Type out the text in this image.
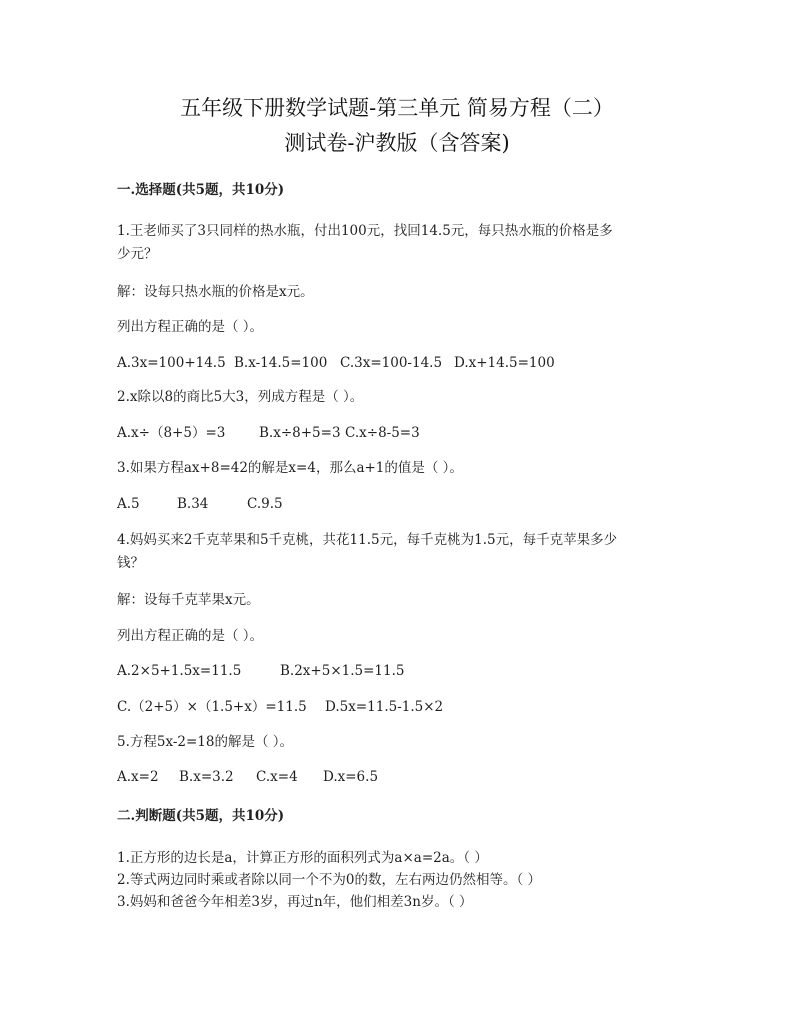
五年级下册数学试题-第三单元 简易方程（二）
测试卷-沪教版（含答案)
一.选择题(共5题，共10分)
1.王老师买了3只同样的热水瓶，付出100元，找回14.5元，每只热水瓶的价格是多
少元？
解：设每只热水瓶的价格是x元。
列出方程正确的是（ ）。
A.3x=100+14.5 B.x-14.5=100 C.3x=100-14.5 D.x+14.5=100
2.x除以8的商比5大3，列成方程是（ ）。
A.x÷（8+5）=3 B.x÷8+5=3 C.x÷8-5=3
3.如果方程ax+8=42的解是x=4，那么a+1的值是（ ）。
A.5	B.34	C.9.5
4.妈妈买来2千克苹果和5千克桃，共花11.5元，每千克桃为1.5元，每千克苹果多少
钱？
解：设每千克苹果x元。
列出方程正确的是（ ）。
A.2×5+1.5x=11.5	B.2x+5×1.5=11.5
C.（2+5）×（1.5+x）=11.5 D.5x=11.5-1.5×2
5.方程5x-2=18的解是（ ）。
A.x=2 B.x=3.2 C.x=4 D.x=6.5
二.判断题(共5题，共10分)
1.正方形的边长是a，计算正方形的面积列式为a×a=2a。（ ）
2.等式两边同时乘或者除以同一个不为0的数，左右两边仍然相等。（ ）
3.妈妈和爸爸今年相差3岁，再过n年，他们相差3n岁。（ ）
